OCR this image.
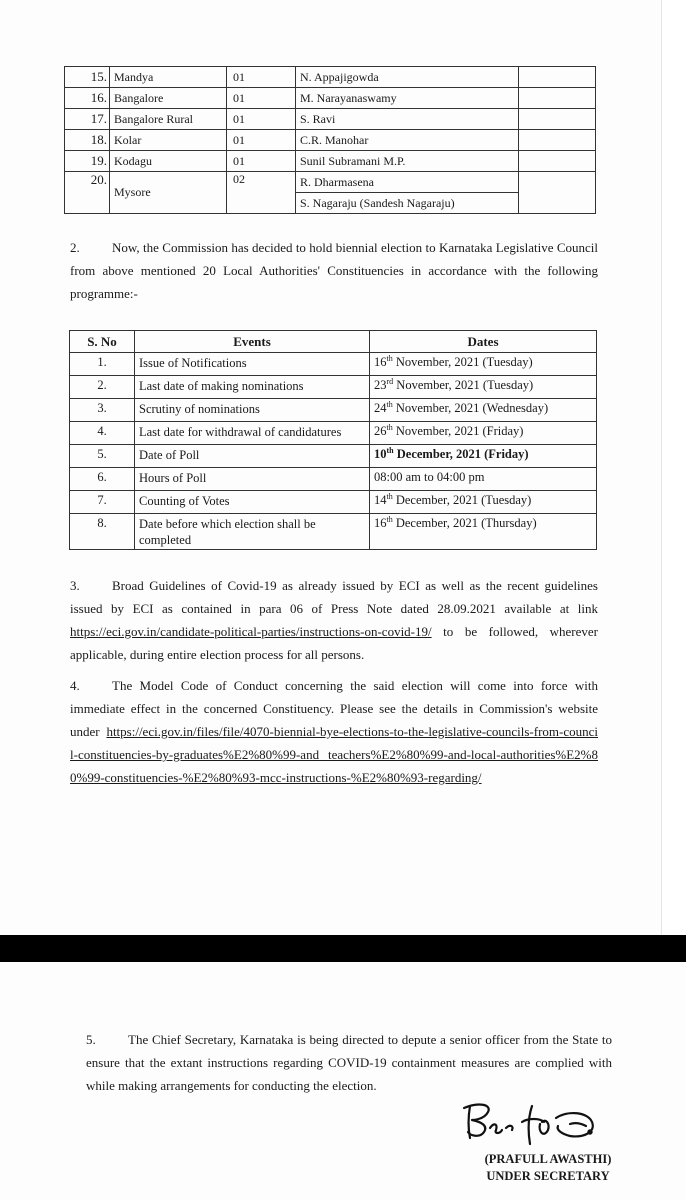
15.	Mandya	01	N. Appajigowda	
16.	Bangalore	01	M. Narayanaswamy	
17.	Bangalore Rural	01	S. Ravi	
18.	Kolar	01	C.R. Manohar	
19.	Kodagu	01	Sunil Subramani M.P.	
20.	Mysore	02	R. Dharmasena	
			S. Nagaraju (Sandesh Nagaraju)	
2. Now, the Commission has decided to hold biennial election to Karnataka Legislative Council from above mentioned 20 Local Authorities' Constituencies in accordance with the following programme:-
S. No	Events	Dates
1.	Issue of Notifications	16th November, 2021 (Tuesday)
2.	Last date of making nominations	23rd November, 2021 (Tuesday)
3.	Scrutiny of nominations	24th November, 2021 (Wednesday)
4.	Last date for withdrawal of candidatures	26th November, 2021 (Friday)
5.	Date of Poll	10th December, 2021 (Friday)
6.	Hours of Poll	08:00 am to 04:00 pm
7.	Counting of Votes	14th December, 2021 (Tuesday)
8.	Date before which election shall be completed	16th December, 2021 (Thursday)
3. Broad Guidelines of Covid-19 as already issued by ECI as well as the recent guidelines issued by ECI as contained in para 06 of Press Note dated 28.09.2021 available at link https://eci.gov.in/candidate-political-parties/instructions-on-covid-19/ to be followed, wherever applicable, during entire election process for all persons.
4. The Model Code of Conduct concerning the said election will come into force with immediate effect in the concerned Constituency. Please see the details in Commission's website under https://eci.gov.in/files/file/4070-biennial-bye-elections-to-the-legislative-councils-from-council-constituencies-by-graduates%E2%80%99-and teachers%E2%80%99-and-local-authorities%E2%80%99-constituencies-%E2%80%93-mcc-instructions-%E2%80%93-regarding/
5. The Chief Secretary, Karnataka is being directed to depute a senior officer from the State to ensure that the extant instructions regarding COVID-19 containment measures are complied with while making arrangements for conducting the election.
(PRAFULL AWASTHI)
UNDER SECRETARY
